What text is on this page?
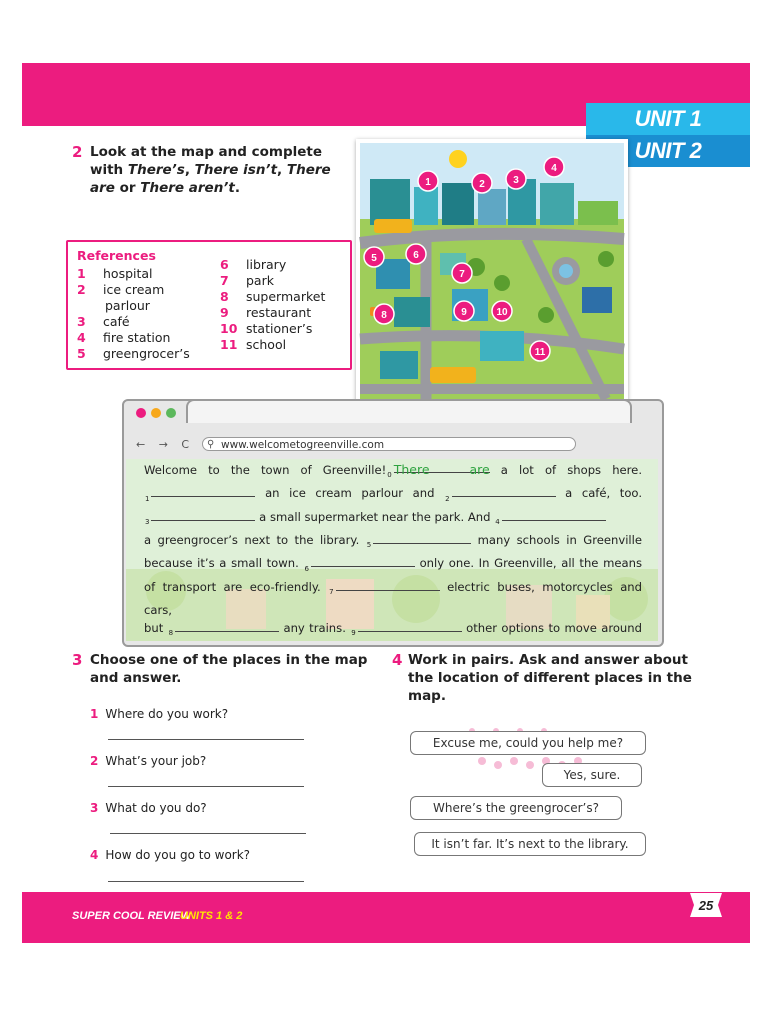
UNIT 1
UNIT 2
2 Look at the map and complete
with There’s, There isn’t, There
are or There aren’t.
References
1	hospital
2	ice cream
parlour
3	café
4	fire station
5	greengrocer’s
6	library
7	park
8	supermarket
9	restaurant
10 stationer’s
11 school
1	2	3
4
5	6
7
8	9	10
11
← → C ⚲ www.welcometogreenville.com
Welcome to the town of $Greenville!_0$ There are a lot of shops here.
$_1$	an ice cream parlour and $_2$	a café, too.
$_3$	a small supermarket near the park. And $_4$
a greengrocer’s next to the library. $_5$	many schools in Greenville
because it’s a small town. $_6$	only one. In Greenville, all the means
of transport are eco-friendly. $_7$	electric buses, motorcycles and cars,
but $_8$	any trains. $_9$	other options to move around

3 Choose one of the places in the map
and answer.
1 Where do you work?
2 What’s your job?
3 What do you do?
4 How do you go to work?
4 Work in pairs. Ask and answer about
the location of different places in the
map.
Excuse me, could you help me?
Yes, sure.
Where’s the greengrocer’s?
It isn’t far. It’s next to the library.
SUPER COOL REVIEW
UNITS 1 & 2
25
